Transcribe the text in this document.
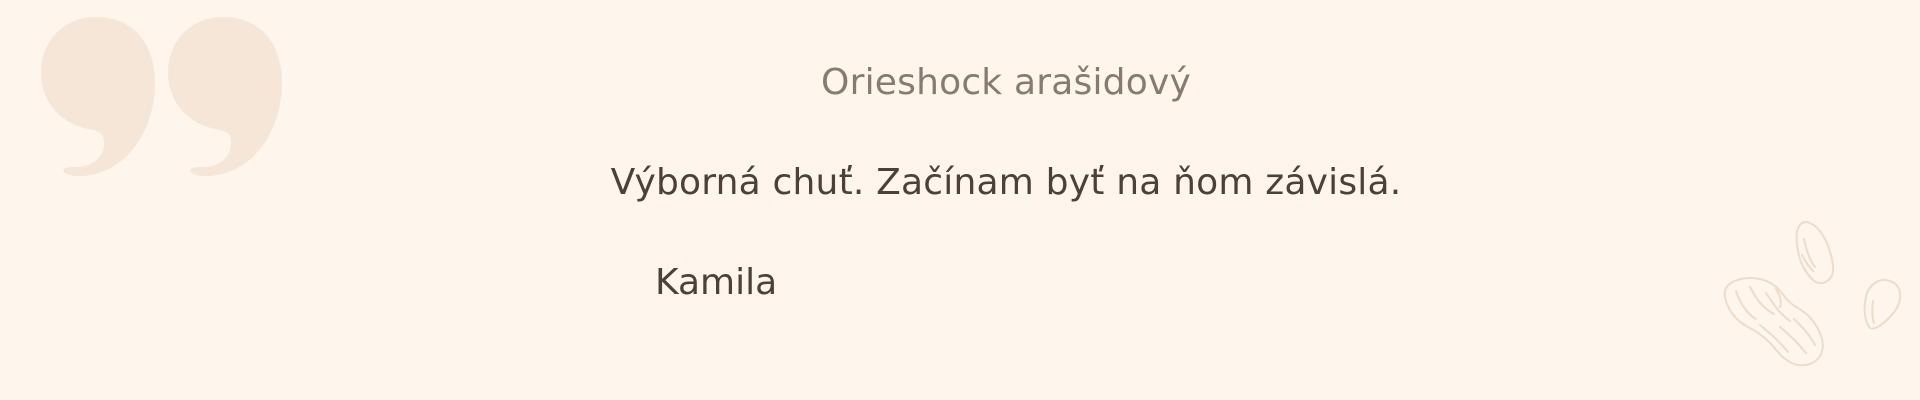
Orieshock arašidový
Výborná chuť. Začínam byť na ňom závislá.
Kamila
